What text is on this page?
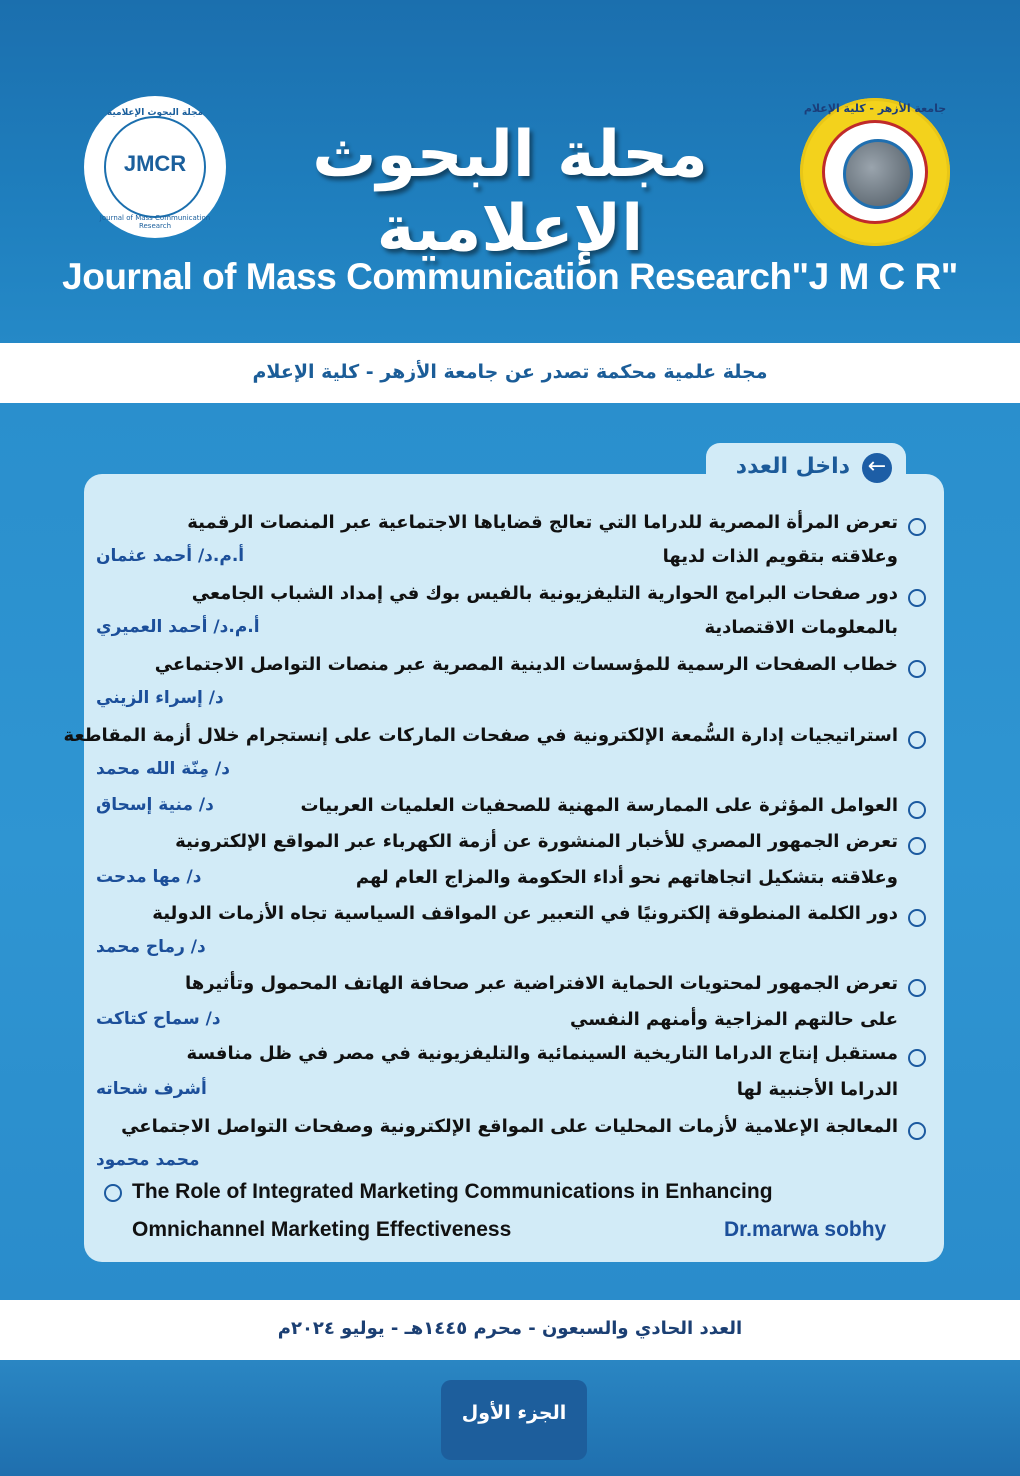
جامعة الأزهر - كلية الإعلام
مجلة البحوث الإعلامية
مجلة البحوث الإعلامية
JMCR
Journal of Mass Communication Research
Journal of Mass Communication Research"J M C R"
مجلة علمية محكمة تصدر عن جامعة الأزهر - كلية الإعلام
←
داخل العدد
تعرض المرأة المصرية للدراما التي تعالج قضاياها الاجتماعية عبر المنصات الرقمية
وعلاقته بتقويم الذات لديها
أ.م.د/ أحمد عثمان
دور صفحات البرامج الحوارية التليفزيونية بالفيس بوك في إمداد الشباب الجامعي
بالمعلومات الاقتصادية
أ.م.د/ أحمد العميري
خطاب الصفحات الرسمية للمؤسسات الدينية المصرية عبر منصات التواصل الاجتماعي
د/ إسراء الزيني
استراتيجيات إدارة السُّمعة الإلكترونية في صفحات الماركات على إنستجرام خلال أزمة المقاطعة
د/ مِنّة الله محمد
العوامل المؤثرة على الممارسة المهنية للصحفيات العلميات العربيات
د/ منية إسحاق
تعرض الجمهور المصري للأخبار المنشورة عن أزمة الكهرباء عبر المواقع الإلكترونية
وعلاقته بتشكيل اتجاهاتهم نحو أداء الحكومة والمزاج العام لهم
د/ مها مدحت
دور الكلمة المنطوقة إلكترونيًا في التعبير عن المواقف السياسية تجاه الأزمات الدولية
د/ رماح محمد
تعرض الجمهور لمحتويات الحماية الافتراضية عبر صحافة الهاتف المحمول وتأثيرها
على حالتهم المزاجية وأمنهم النفسي
د/ سماح كتاكت
مستقبل إنتاج الدراما التاريخية السينمائية والتليفزيونية في مصر في ظل منافسة
الدراما الأجنبية لها
أشرف شحاته
المعالجة الإعلامية لأزمات المحليات على المواقع الإلكترونية وصفحات التواصل الاجتماعي
محمد محمود
The Role of Integrated Marketing Communications in Enhancing
Omnichannel Marketing Effectiveness	Dr.marwa sobhy
العدد الحادي والسبعون - محرم ١٤٤٥هـ - يوليو ٢٠٢٤م
الجزء الأول
